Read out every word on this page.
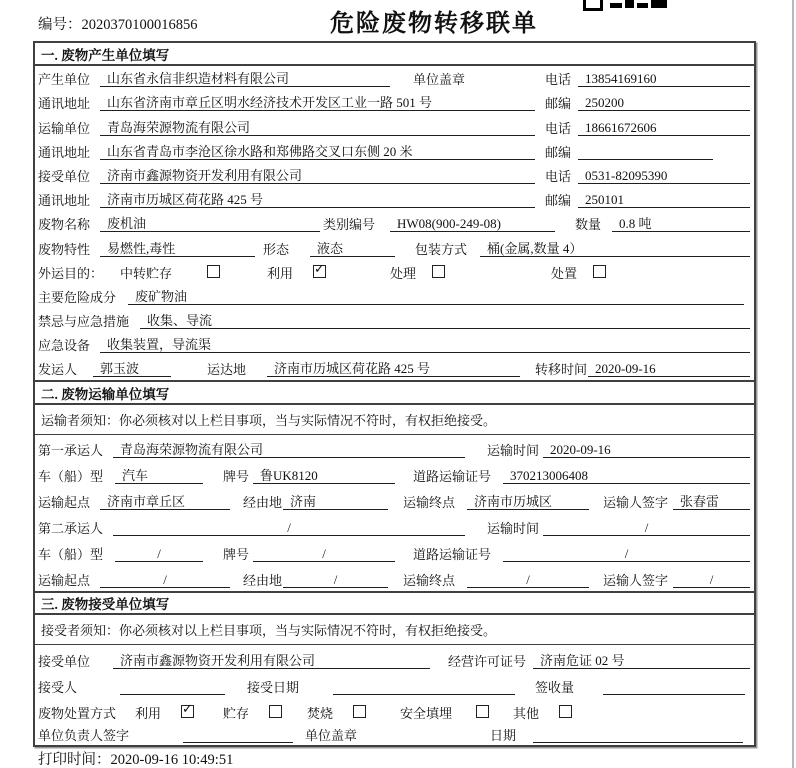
编号：2020370100016856	危险废物转移联单
一. 废物产生单位填写
产生单位	山东省永信非织造材料有限公司	单位盖章	电话	13854169160
通讯地址	山东省济南市章丘区明水经济技术开发区工业一路 501 号	邮编	250200
运输单位	青岛海荣源物流有限公司	电话	18661672606
通讯地址	山东省青岛市李沧区徐水路和郑佛路交叉口东侧 20 米	邮编
接受单位	济南市鑫源物资开发利用有限公司	电话	0531-82095390
通讯地址	济南市历城区荷花路 425 号	邮编	250101
废物名称	废机油	类别编号	HW08(900-249-08)	数量	0.8 吨
废物特性	易燃性,毒性	形态	液态	包装方式	桶(金属,数量 4）
外运目的： 中转贮存	利用 ✓	处理	处置
主要危险成分	废矿物油
禁忌与应急措施	收集、导流
应急设备	收集装置，导流渠
发运人	郭玉波	运达地	济南市历城区荷花路 425 号	转移时间 2020-09-16
二. 废物运输单位填写
运输者须知：你必须核对以上栏目事项，当与实际情况不符时，有权拒绝接受。
第一承运人	青岛海荣源物流有限公司	运输时间 2020-09-16
车（船）型	汽车	牌号 鲁UK8120	道路运输证号	370213006408
运输起点	济南市章丘区	经由地 济南	运输终点	济南市历城区	运输人签字 张春雷
第二承运人	/	运输时间	/
车（船）型	/	牌号	/	道路运输证号	/
运输起点	/	经由地	/	运输终点	/	运输人签字	/
三. 废物接受单位填写
接受者须知：你必须核对以上栏目事项，当与实际情况不符时，有权拒绝接受。
接受单位	济南市鑫源物资开发利用有限公司	经营许可证号	济南危证 02 号
接受人	接受日期	签收量
废物处置方式 利用 ✓ 贮存	焚烧	安全填埋	其他
单位负责人签字	单位盖章	日期
打印时间：2020-09-16 10:49:51
